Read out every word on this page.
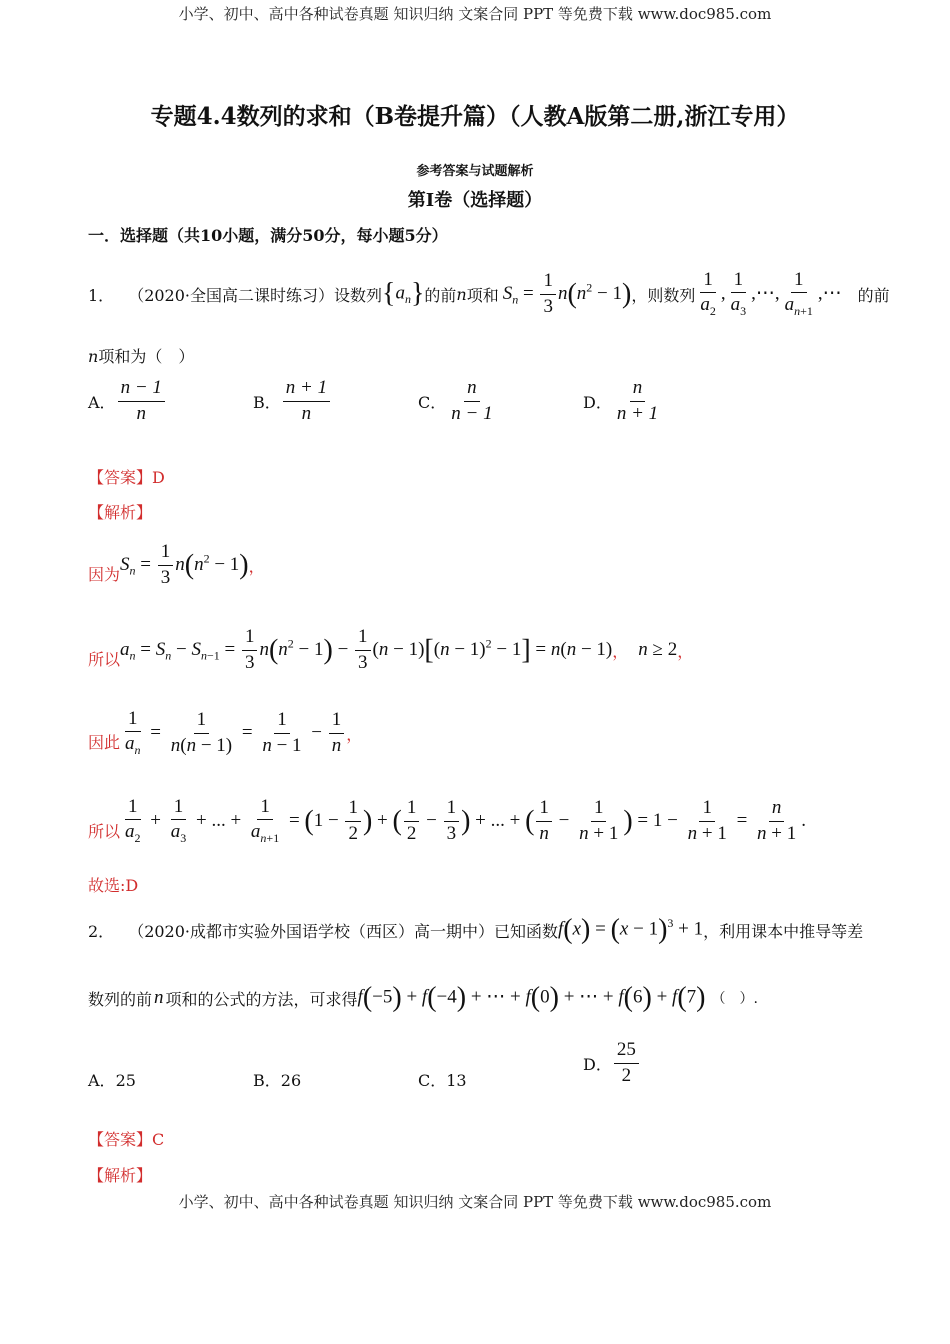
小学、初中、高中各种试卷真题 知识归纳 文案合同 PPT 等免费下载 www.doc985.com
专题4.4数列的求和（B卷提升篇）（人教A版第二册,浙江专用）
参考答案与试题解析
第Ⅰ卷（选择题）
一．选择题（共10小题，满分50分，每小题5分）
1． （2020·全国高二课时练习）设数列 $\{a_n\}$ 的前 n 项和 $S_n = \frac{1}{3} n(n^2 - 1)$ ，则数列 $\frac{1}{a_2}$ , $\frac{1}{a_3}$ ,⋯, $\frac{1}{a_{n+1}}$ ,⋯ 的前
n项和为（　）
A． $\frac{n - 1}{n}$	B． $\frac{n + 1}{n}$	C． $\frac{n}{n - 1}$	D． $\frac{n}{n + 1}$
【答案】D
【解析】
因为
$S_n = \frac{1}{3} n(n^2 - 1)$ ，
所以
$a_n = S_n - S_{n-1} = \frac{1}{3} n(n^2 - 1) - \frac{1}{3} (n - 1)[(n - 1)^2 - 1] = n(n - 1)$ ， n ≥ 2 ，
因此 $\frac{1}{a_n} = \frac{1}{n(n - 1)} = \frac{1}{n - 1} - \frac{1}{n}$ ，
所以 $\frac{1}{a_2} + \frac{1}{a_3}$ + ... + $\frac{1}{a_{n+1}} = (1 - \frac{1}{2}$ ) + ( $\frac{1}{2} - \frac{1}{3}$ ) + ... + ( $\frac{1}{n} - \frac{1}{n + 1}$ ) = $1 - \frac{1}{n + 1} = \frac{n}{n + 1}$ .
故选:D
2． （2020·成都市实验外国语学校（西区）高一期中）已知函数 $f(x) = (x - 1)^3 + 1$ ，利用课本中推导等差
数列的前 n 项和的公式的方法，可求得 f(−5) + f(−4) + ⋯ + f(0) + ⋯ + f(6) + f(7) （　）.
A．25	B．26	C．13
D． $\frac{25}{2}$
【答案】C
【解析】
小学、初中、高中各种试卷真题 知识归纳 文案合同 PPT 等免费下载 www.doc985.com
